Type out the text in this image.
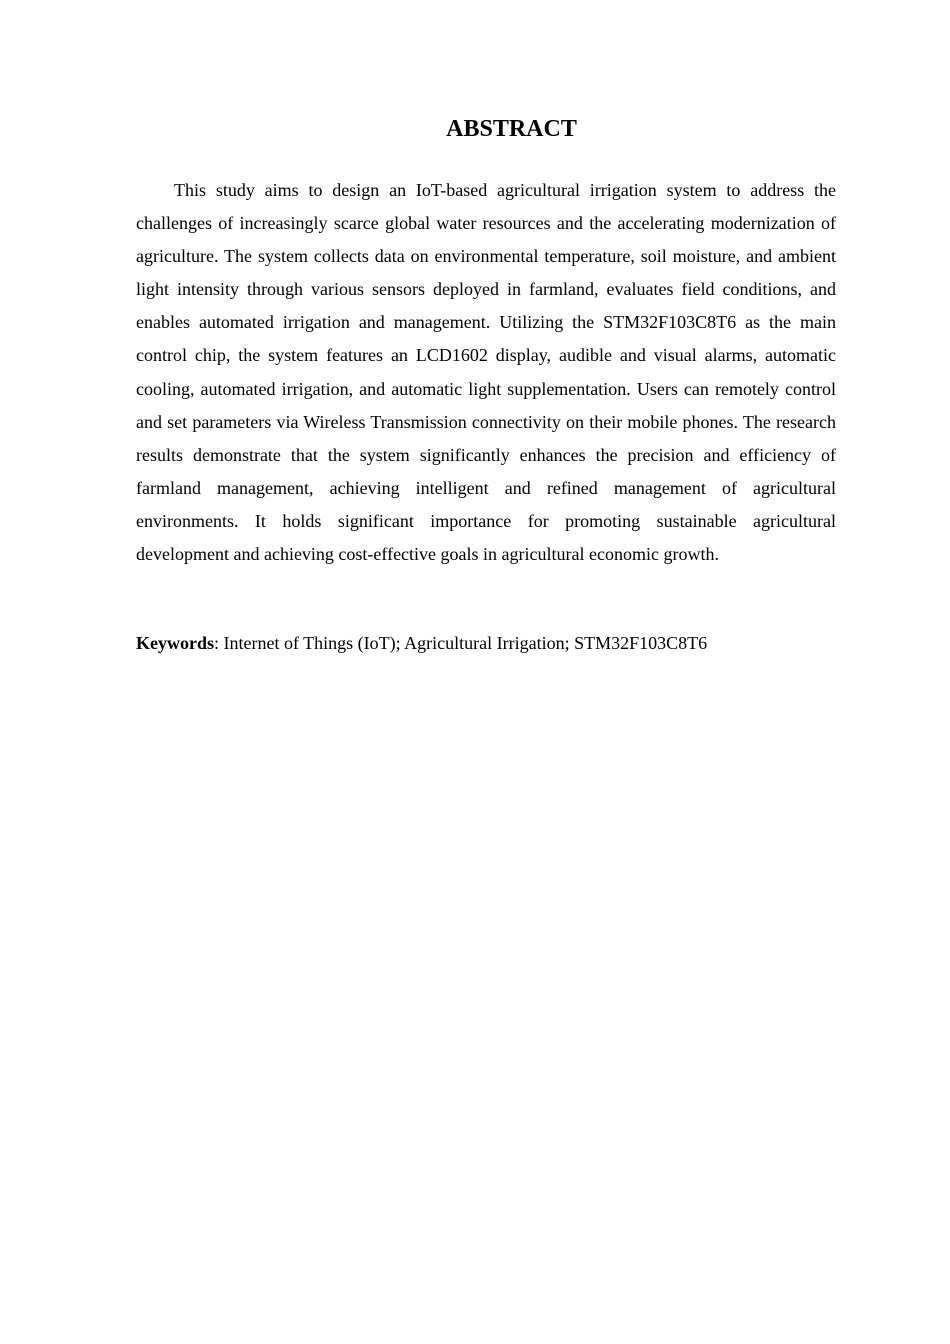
ABSTRACT

This study aims to design an IoT-based agricultural irrigation system to address the challenges of increasingly scarce global water resources and the accelerating modernization of agriculture. The system collects data on environmental temperature, soil moisture, and ambient light intensity through various sensors deployed in farmland, evaluates field conditions, and enables automated irrigation and management. Utilizing the STM32F103C8T6 as the main control chip, the system features an LCD1602 display, audible and visual alarms, automatic cooling, automated irrigation, and automatic light supplementation. Users can remotely control and set parameters via Wireless Transmission connectivity on their mobile phones. The research results demonstrate that the system significantly enhances the precision and efficiency of farmland management, achieving intelligent and refined management of agricultural environments. It holds significant importance for promoting sustainable agricultural development and achieving cost-effective goals in agricultural economic growth.

Keywords: Internet of Things (IoT); Agricultural Irrigation; STM32F103C8T6
